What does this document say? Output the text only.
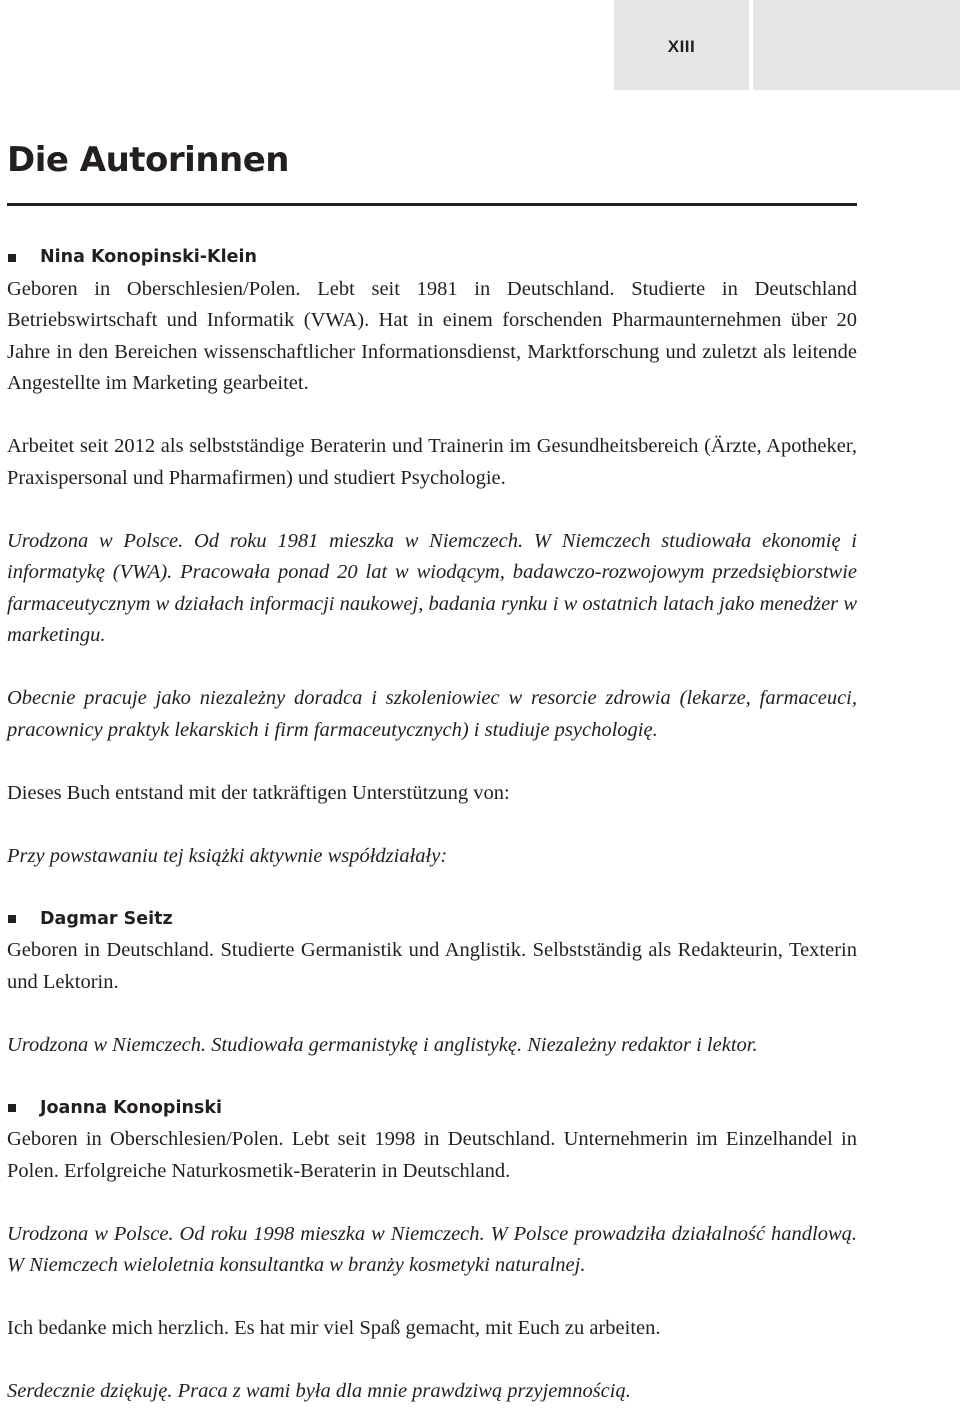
XIII
Die Autorinnen
Nina Konopinski-Klein

Geboren in Oberschlesien/Polen. Lebt seit 1981 in Deutschland. Studierte in Deutschland Betriebswirtschaft und Informatik (VWA). Hat in einem forschenden Pharmaunternehmen über 20 Jahre in den Bereichen wissenschaftlicher Informationsdienst, Marktforschung und zuletzt als leitende Angestellte im Marketing gearbeitet.

Arbeitet seit 2012 als selbstständige Beraterin und Trainerin im Gesundheitsbereich (Ärzte, Apotheker, Praxispersonal und Pharmafirmen) und studiert Psychologie.

Urodzona w Polsce. Od roku 1981 mieszka w Niemczech. W Niemczech studiowała ekonomię i informatykę (VWA). Pracowała ponad 20 lat w wiodącym, badawczo-rozwojowym przedsiębiorstwie farmaceutycznym w działach informacji naukowej, badania rynku i w ostatnich latach jako menedżer w marketingu.

Obecnie pracuje jako niezależny doradca i szkoleniowiec w resorcie zdrowia (lekarze, farmaceuci, pracownicy praktyk lekarskich i firm farmaceutycznych) i studiuje psychologię.

Dieses Buch entstand mit der tatkräftigen Unterstützung von:

Przy powstawaniu tej książki aktywnie współdziałały:

Dagmar Seitz

Geboren in Deutschland. Studierte Germanistik und Anglistik. Selbstständig als Redakteurin, Texterin und Lektorin.

Urodzona w Niemczech. Studiowała germanistykę i anglistykę. Niezależny redaktor i lektor.

Joanna Konopinski

Geboren in Oberschlesien/Polen. Lebt seit 1998 in Deutschland. Unternehmerin im Einzelhandel in Polen. Erfolgreiche Naturkosmetik-Beraterin in Deutschland.

Urodzona w Polsce. Od roku 1998 mieszka w Niemczech. W Polsce prowadziła działalność handlową. W Niemczech wieloletnia konsultantka w branży kosmetyki naturalnej.

Ich bedanke mich herzlich. Es hat mir viel Spaß gemacht, mit Euch zu arbeiten.

Serdecznie dziękuję. Praca z wami była dla mnie prawdziwą przyjemnością.
